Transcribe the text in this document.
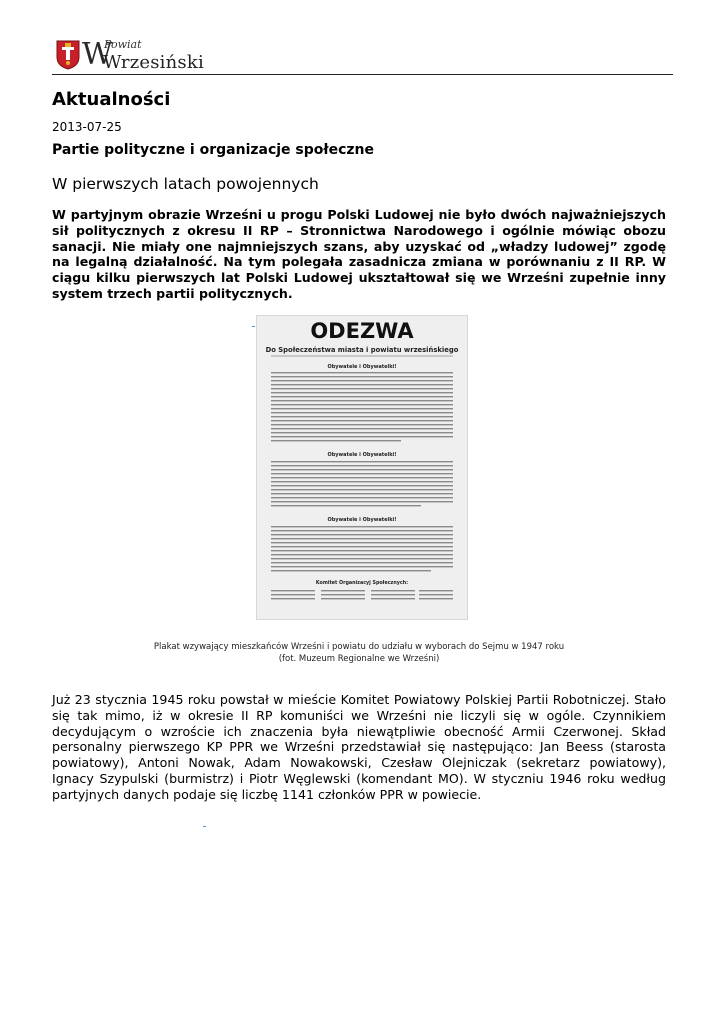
W
Powiat
Wrzesiński
Aktualności
2013-07-25
Partie polityczne i organizacje społeczne
W pierwszych latach powojennych
W partyjnym obrazie Wrześni u progu Polski Ludowej nie było dwóch najważniejszych sił politycznych z okresu II RP – Stronnictwa Narodowego i ogólnie mówiąc obozu sanacji. Nie miały one najmniejszych szans, aby uzyskać od „władzy ludowej” zgodę na legalną działalność. Na tym polegała zasadnicza zmiana w porównaniu z II RP. W ciągu kilku pierwszych lat Polski Ludowej ukształtował się we Wrześni zupełnie inny system trzech partii politycznych.
ODEZWA
Do Społeczeństwa miasta i powiatu wrzesińskiego
Obywatele i Obywatelki!
Obywatele i Obywatelki!
Obywatele i Obywatelki!
Komitet Organizacyj Społecznych:
Plakat wzywający mieszkańców Wrześni i powiatu do udziału w wyborach do Sejmu w 1947 roku
(fot. Muzeum Regionalne we Wrześni)
Już 23 stycznia 1945 roku powstał w mieście Komitet Powiatowy Polskiej Partii Robotniczej. Stało się tak mimo, iż w okresie II RP komuniści we Wrześni nie liczyli się w ogóle. Czynnikiem decydującym o wzroście ich znaczenia była niewątpliwie obecność Armii Czerwonej. Skład personalny pierwszego KP PPR we Wrześni przedstawiał się następująco: Jan Beess (starosta powiatowy), Antoni Nowak, Adam Nowakowski, Czesław Olejniczak (sekretarz powiatowy), Ignacy Szypulski (burmistrz) i Piotr Węglewski (komendant MO). W styczniu 1946 roku według partyjnych danych podaje się liczbę 1141 członków PPR w powiecie.
